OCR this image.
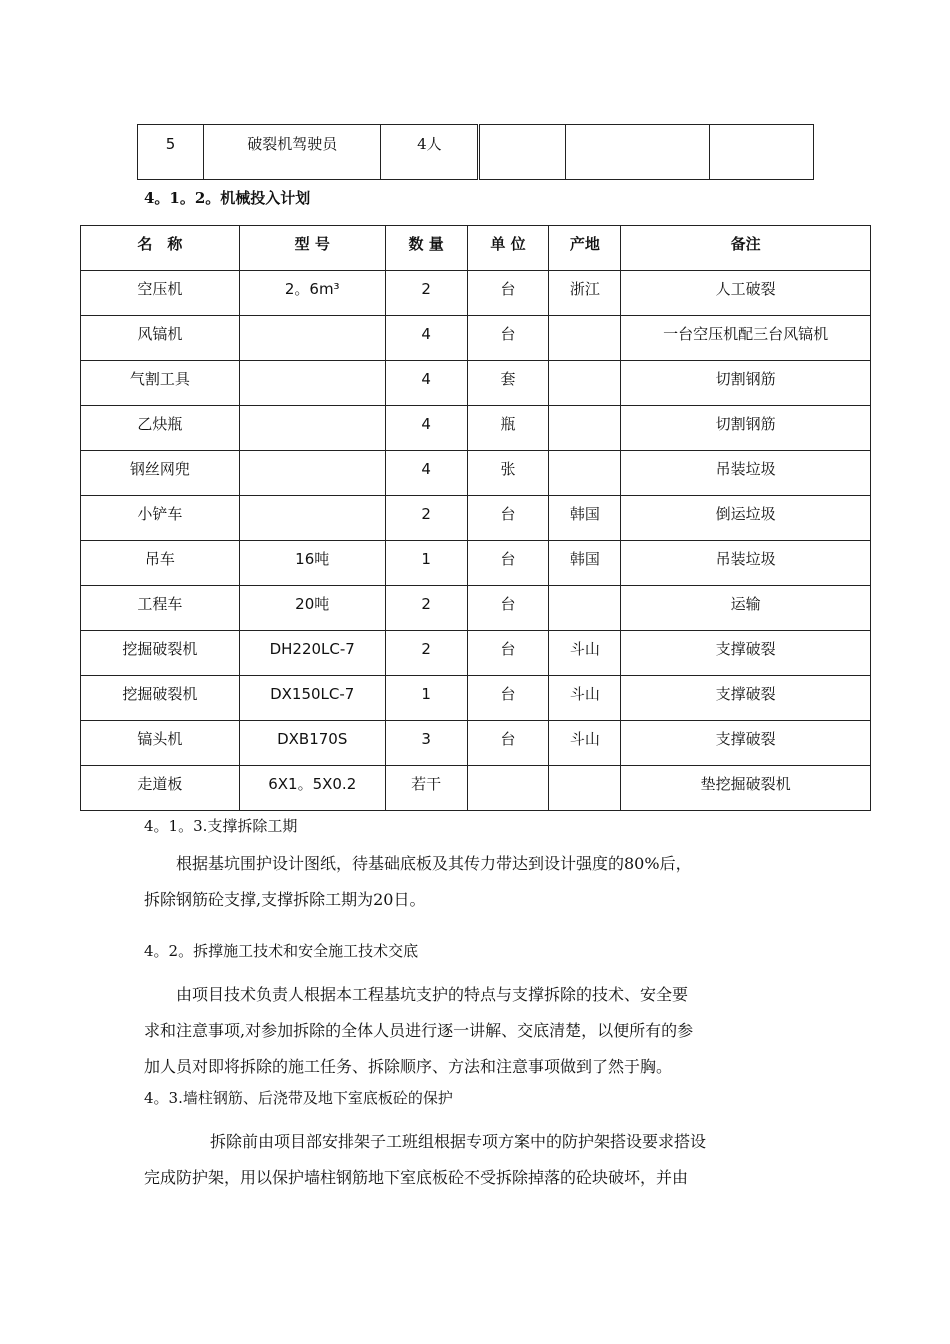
5	破裂机驾驶员	4人			
4。1。2。机械投入计划
名　称	型 号	数 量	单 位	产地	备注
空压机	2。6m³	2	台	浙江	人工破裂
风镐机		4	台		一台空压机配三台风镐机
气割工具		4	套		切割钢筋
乙炔瓶		4	瓶		切割钢筋
钢丝网兜		4	张		吊装垃圾
小铲车		2	台	韩国	倒运垃圾
吊车	16吨	1	台	韩国	吊装垃圾
工程车	20吨	2	台		运输
挖掘破裂机	DH220LC-7	2	台	斗山	支撑破裂
挖掘破裂机	DX150LC-7	1	台	斗山	支撑破裂
镐头机	DXB170S	3	台	斗山	支撑破裂
走道板	6X1。5X0.2	若干			垫挖掘破裂机
4。1。3.支撑拆除工期
根据基坑围护设计图纸，待基础底板及其传力带达到设计强度的80%后，
拆除钢筋砼支撑,支撑拆除工期为20日。
4。2。拆撑施工技术和安全施工技术交底
由项目技术负责人根据本工程基坑支护的特点与支撑拆除的技术、安全要
求和注意事项,对参加拆除的全体人员进行逐一讲解、交底清楚，以便所有的参
加人员对即将拆除的施工任务、拆除顺序、方法和注意事项做到了然于胸。
4。3.墙柱钢筋、后浇带及地下室底板砼的保护
拆除前由项目部安排架子工班组根据专项方案中的防护架搭设要求搭设
完成防护架，用以保护墙柱钢筋地下室底板砼不受拆除掉落的砼块破坏，并由
